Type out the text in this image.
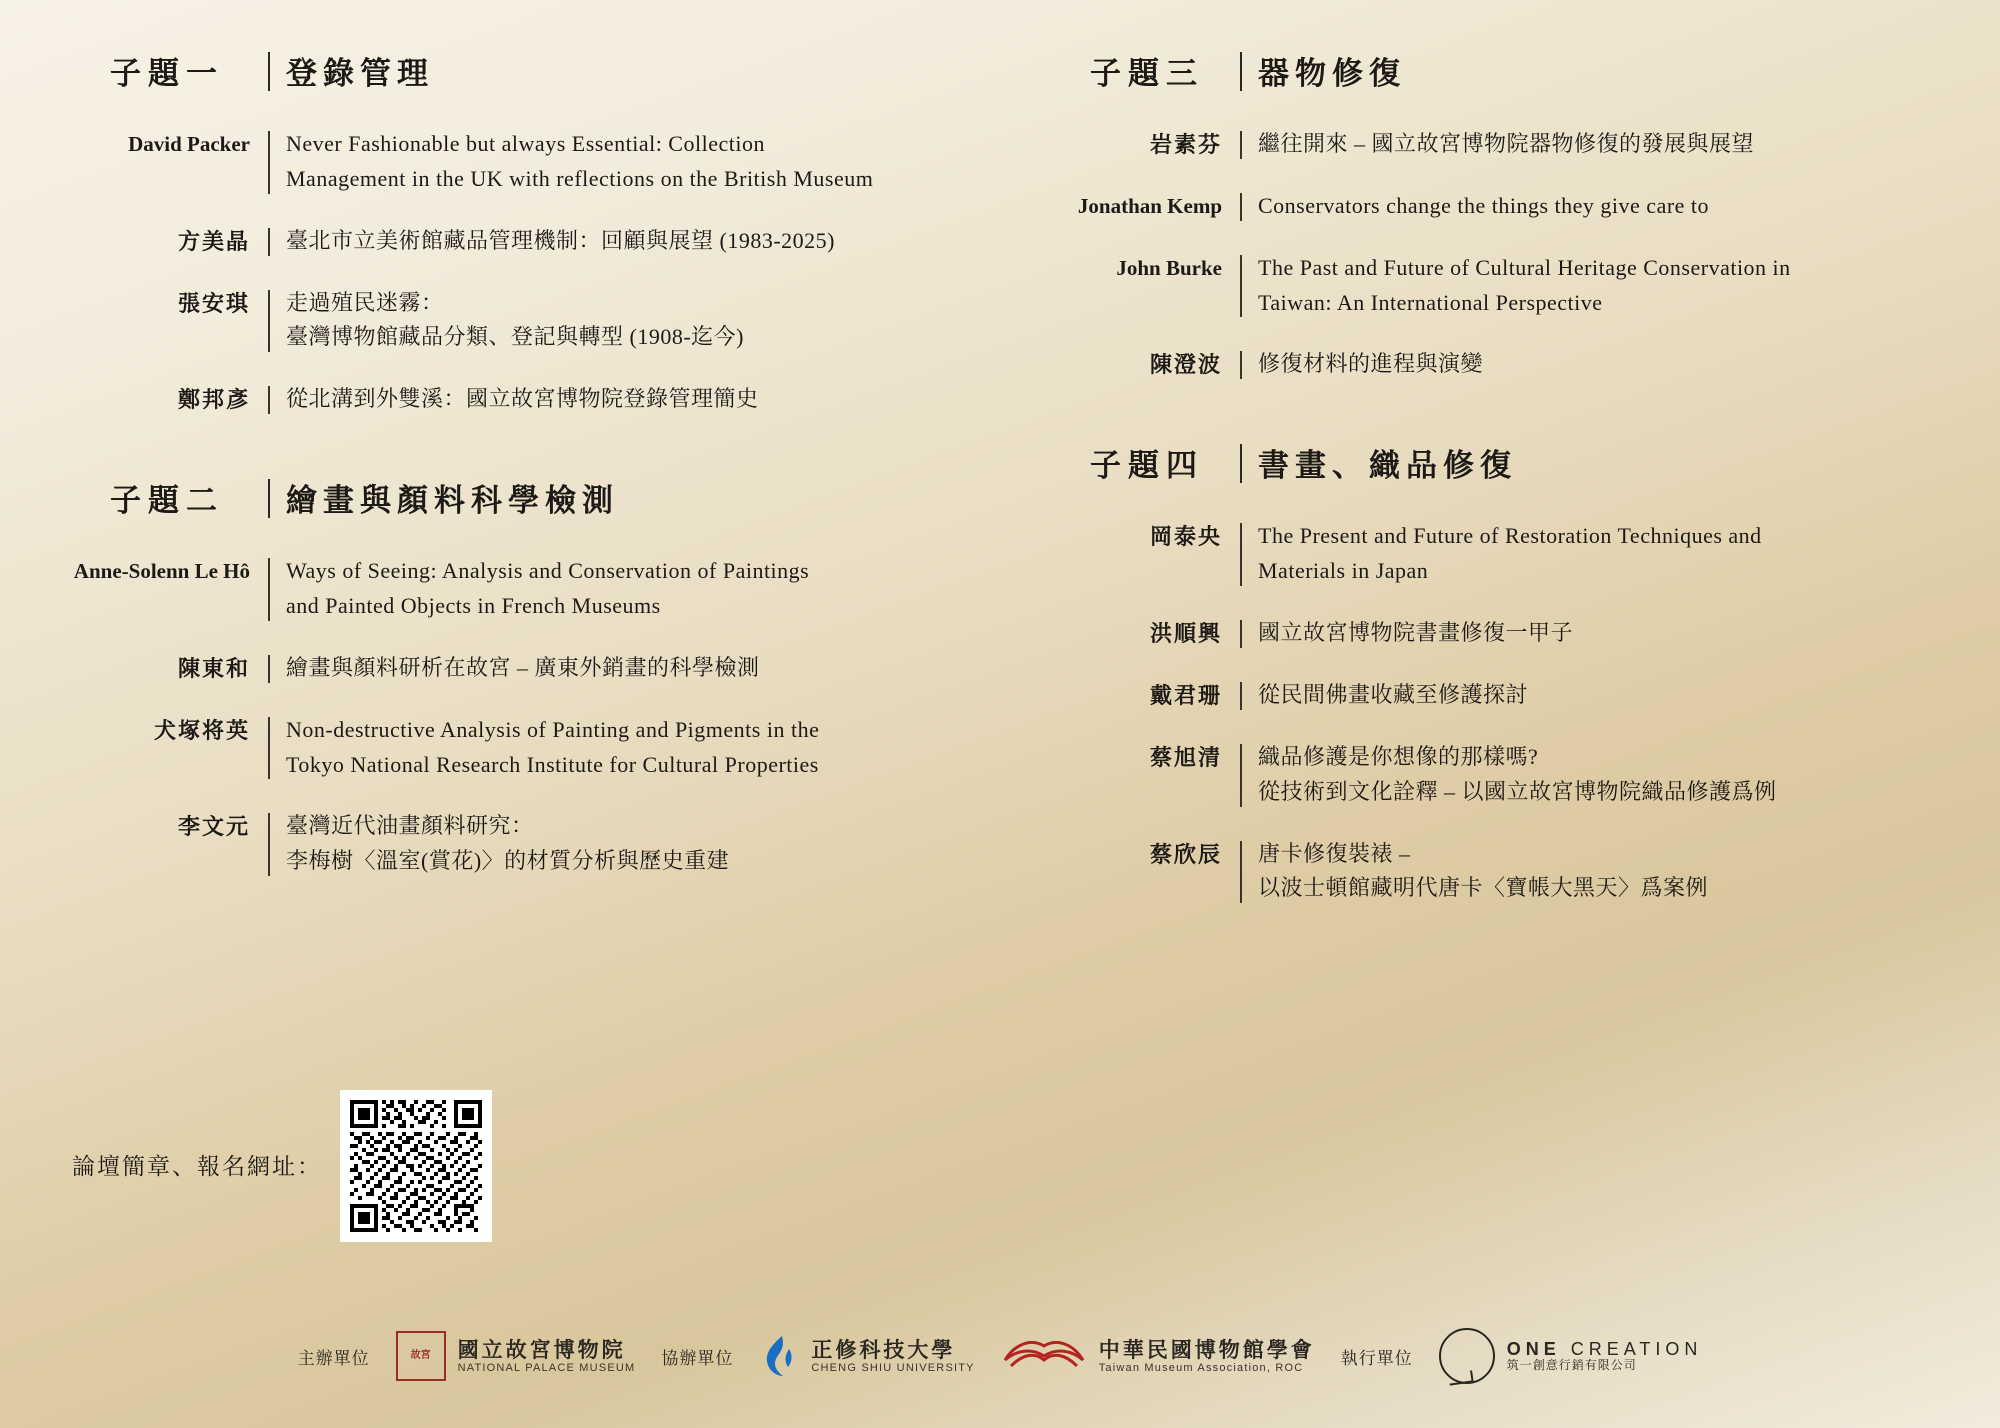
子題一	登錄管理
David Packer	Never Fashionable but always Essential: Collection
Management in the UK with reflections on the British Museum
方美晶	臺北市立美術館藏品管理機制：回顧與展望 (1983-2025)
張安琪	走過殖民迷霧：
臺灣博物館藏品分類、登記與轉型 (1908-迄今)
鄭邦彥	從北溝到外雙溪：國立故宮博物院登錄管理簡史
子題二	繪畫與顏料科學檢測
Anne-Solenn Le Hô	Ways of Seeing: Analysis and Conservation of Paintings
and Painted Objects in French Museums
陳東和	繪畫與顏料研析在故宮 – 廣東外銷畫的科學檢測
犬塚将英	Non-destructive Analysis of Painting and Pigments in the
Tokyo National Research Institute for Cultural Properties
李文元	臺灣近代油畫顏料研究：
李梅樹〈溫室(賞花)〉的材質分析與歷史重建
子題三	器物修復
岩素芬	繼往開來 – 國立故宮博物院器物修復的發展與展望
Jonathan Kemp	Conservators change the things they give care to
John Burke	The Past and Future of Cultural Heritage Conservation in
Taiwan: An International Perspective
陳澄波	修復材料的進程與演變
子題四	書畫、織品修復
岡泰央	The Present and Future of Restoration Techniques and
Materials in Japan
洪順興	國立故宮博物院書畫修復一甲子
戴君珊	從民間佛畫收藏至修護探討
蔡旭清	織品修護是你想像的那樣嗎?
從技術到文化詮釋 – 以國立故宮博物院織品修護爲例
蔡欣辰	唐卡修復裝裱 –
以波士頓館藏明代唐卡〈寶帳大黑天〉爲案例
論壇簡章、報名網址：
主辦單位	故宮	國立故宮博物院
NATIONAL PALACE MUSEUM
協辦單位	正修科技大學
CHENG SHIU UNIVERSITY
中華民國博物館學會
Taiwan Museum Association, ROC
執行單位	ONE CREATION
筑一創意行銷有限公司
